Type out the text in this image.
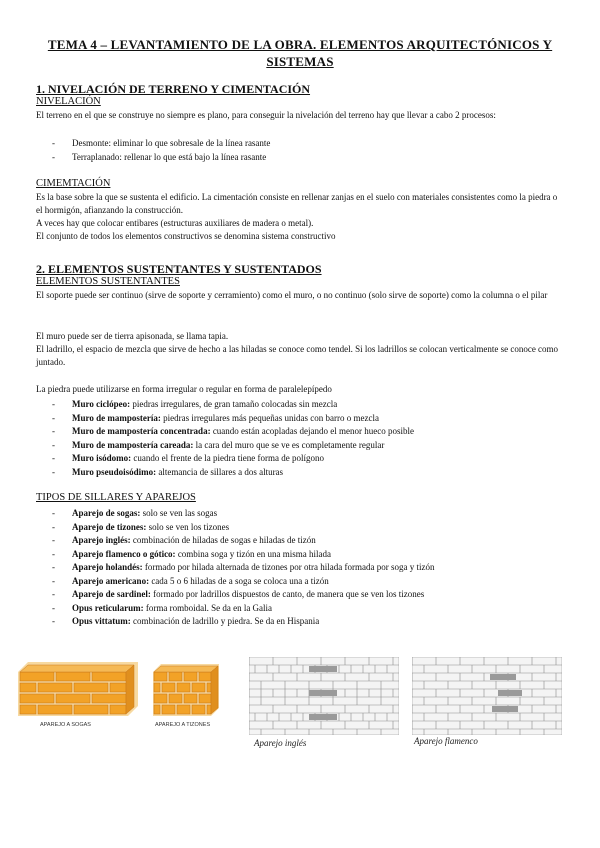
TEMA 4 – LEVANTAMIENTO DE LA OBRA. ELEMENTOS ARQUITECTÓNICOS Y SISTEMAS
1. NIVELACIÓN DE TERRENO Y CIMENTACIÓN
NIVELACIÓN
El terreno en el que se construye no siempre es plano, para conseguir la nivelación del terreno hay que llevar a cabo 2 procesos:
- Desmonte: eliminar lo que sobresale de la línea rasante
- Terraplanado: rellenar lo que está bajo la línea rasante
CIMEMTACIÓN

Es la base sobre la que se sustenta el edificio. La cimentación consiste en rellenar zanjas en el suelo con materiales consistentes como la piedra o el hormigón, afianzando la construcción.

A veces hay que colocar entibares (estructuras auxiliares de madera o metal).

El conjunto de todos los elementos constructivos se denomina sistema constructivo

2. ELEMENTOS SUSTENTANTES Y SUSTENTADOS
ELEMENTOS SUSTENTANTES
El soporte puede ser continuo (sirve de soporte y cerramiento) como el muro, o no continuo (solo sirve de soporte) como la columna o el pilar

El muro puede ser de tierra apisonada, se llama tapia.

El ladrillo, el espacio de mezcla que sirve de hecho a las hiladas se conoce como tendel. Si los ladrillos se colocan verticalmente se conoce como juntado.

La piedra puede utilizarse en forma irregular o regular en forma de paralelepípedo
- Muro ciclópeo: piedras irregulares, de gran tamaño colocadas sin mezcla
- Muro de mampostería: piedras irregulares más pequeñas unidas con barro o mezcla
- Muro de mampostería concentrada: cuando están acopladas dejando el menor hueco posible
- Muro de mampostería careada: la cara del muro que se ve es completamente regular
- Muro isódomo: cuando el frente de la piedra tiene forma de polígono
- Muro pseudoisódimo: altemancia de sillares a dos alturas
TIPOS DE SILLARES Y APAREJOS
- Aparejo de sogas: solo se ven las sogas
- Aparejo de tizones: solo se ven los tizones
- Aparejo inglés: combinación de hiladas de sogas e hiladas de tizón
- Aparejo flamenco o gótico: combina soga y tizón en una misma hilada
- Aparejo holandés: formado por hilada alternada de tizones por otra hilada formada por soga y tizón
- Aparejo americano: cada 5 o 6 hiladas de a soga se coloca una a tizón
- Aparejo de sardinel: formado por ladrillos dispuestos de canto, de manera que se ven los tizones
- Opus reticularum: forma romboidal. Se da en la Galia
- Opus vittatum: combinación de ladrillo y piedra. Se da en Hispania
APAREJO A SOGAS	APAREJO A TIZONES
Aparejo inglés	Aparejo flamenco
